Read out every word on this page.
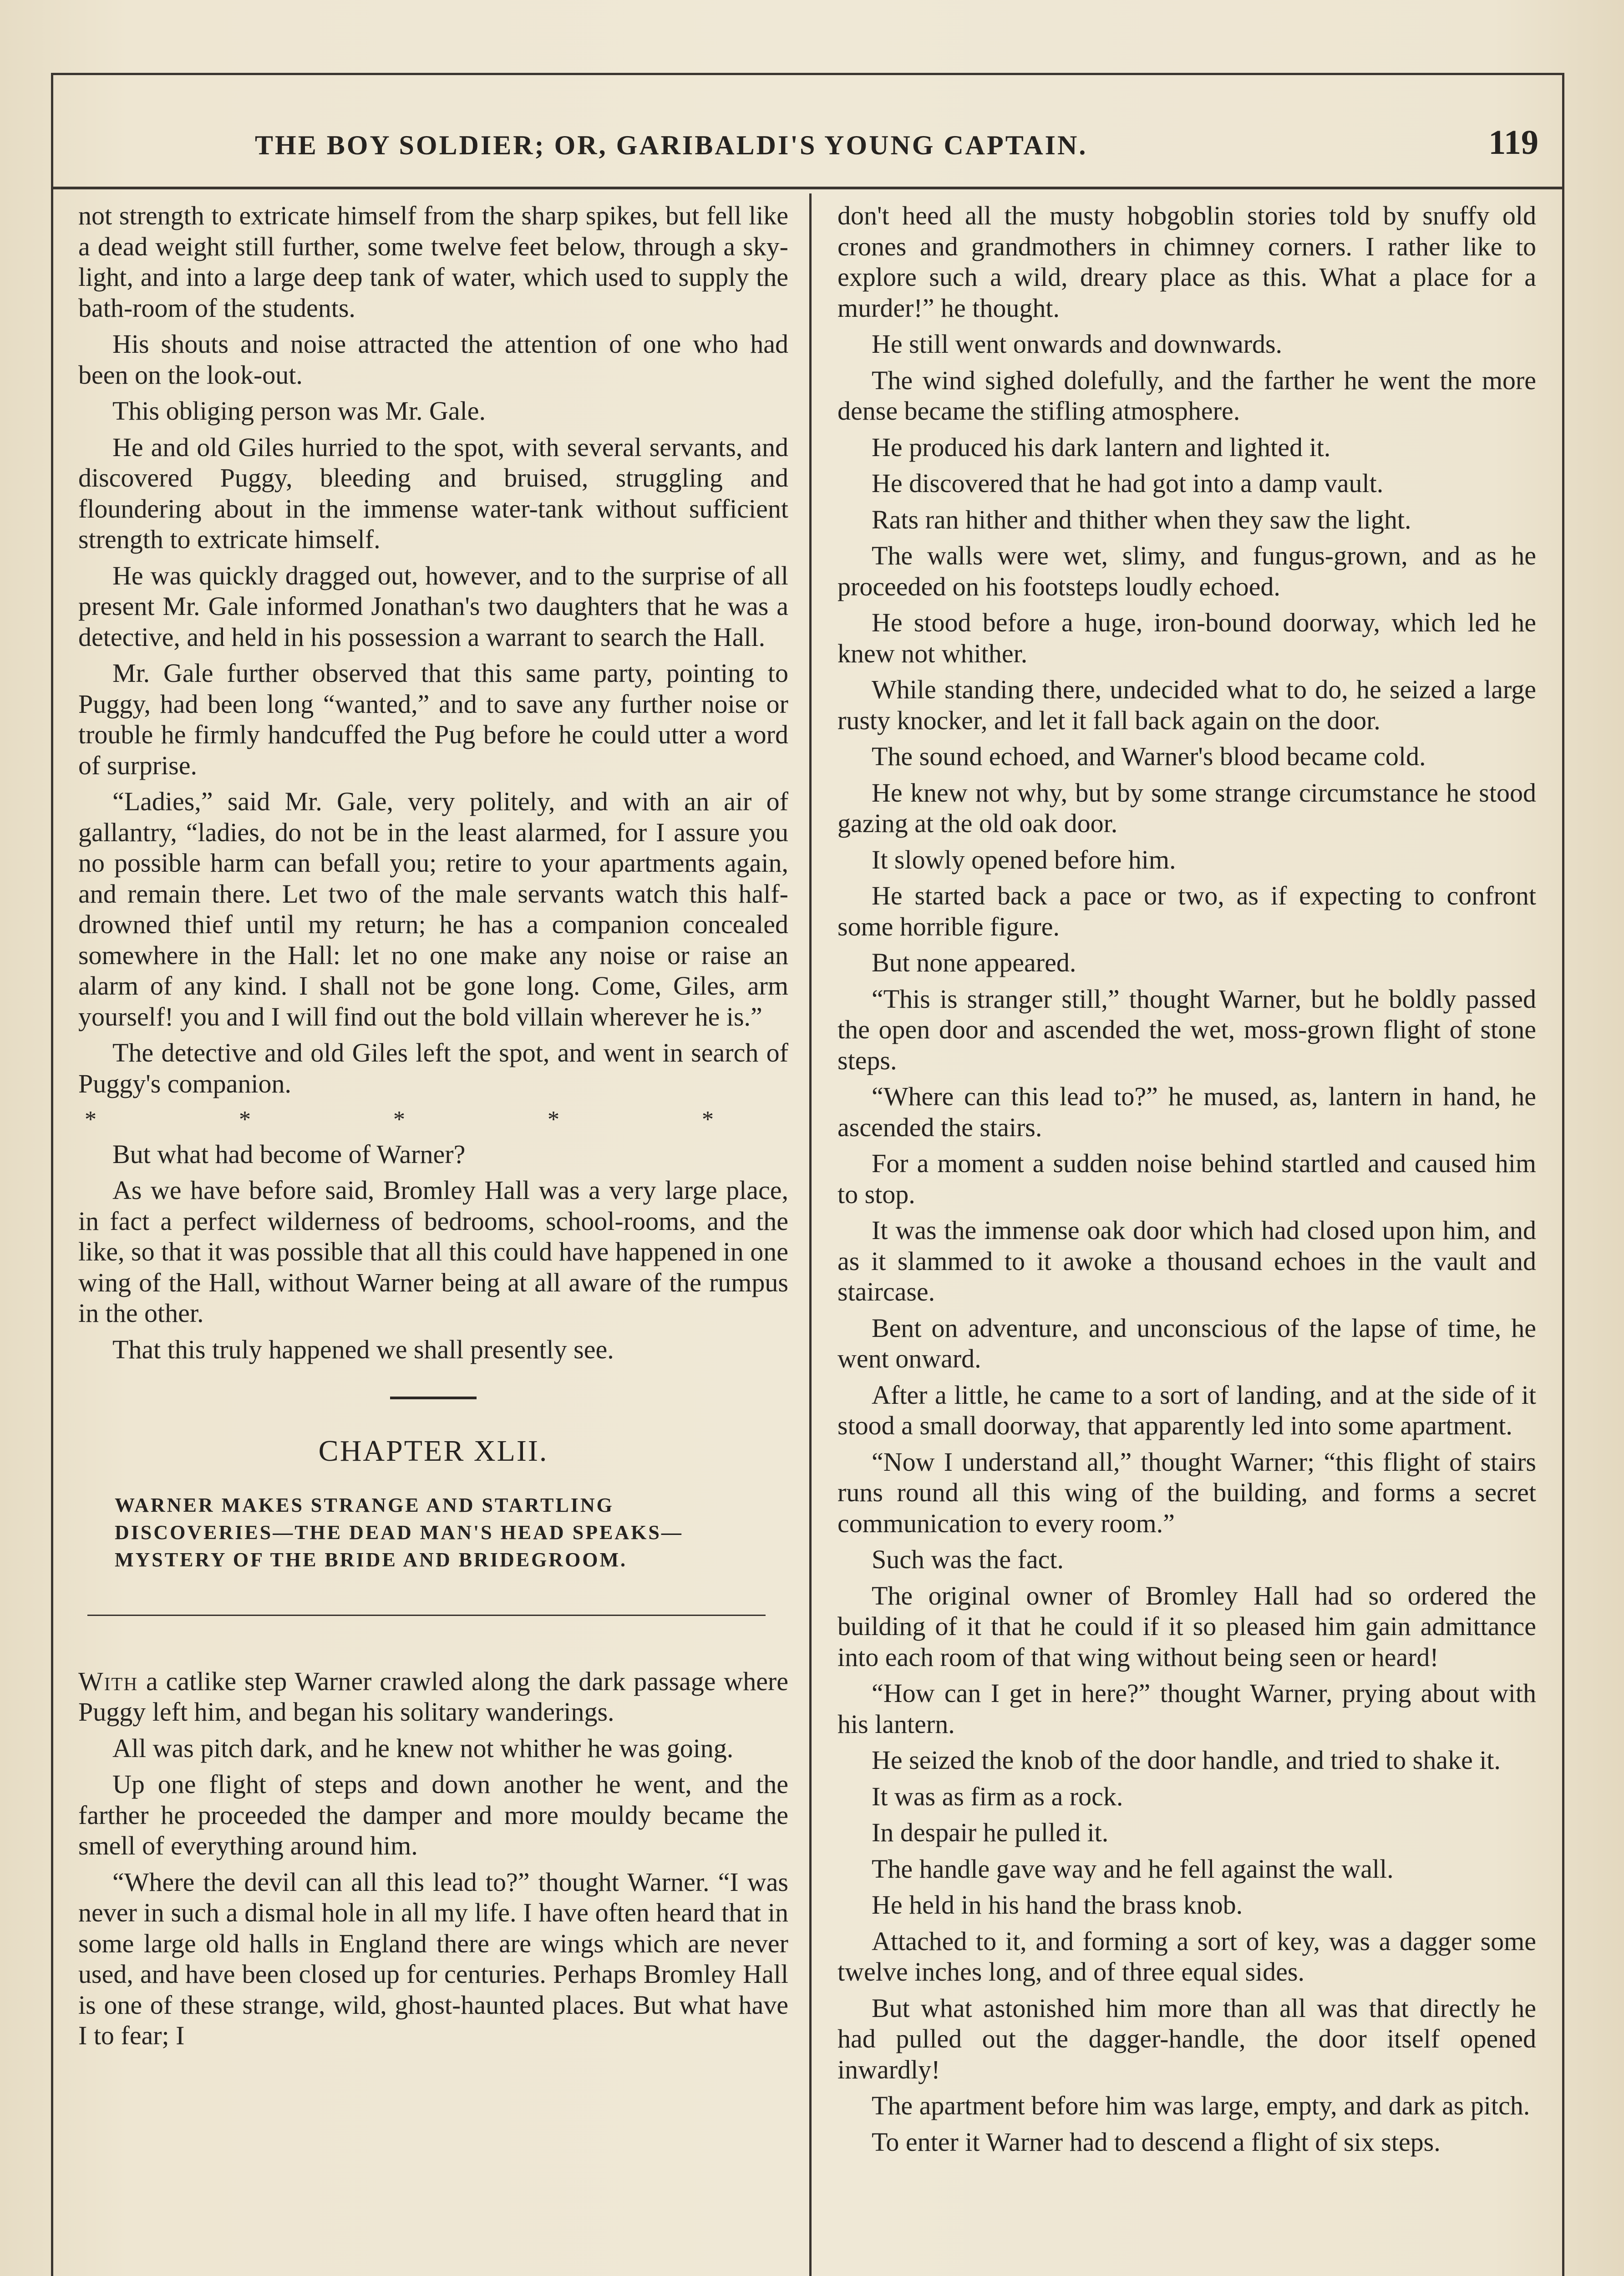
THE BOY SOLDIER; OR, GARIBALDI'S YOUNG CAPTAIN.	119

not strength to extricate himself from the sharp spikes, but fell like a dead weight still further, some twelve feet below, through a sky-light, and into a large deep tank of water, which used to supply the bath-room of the students.

His shouts and noise attracted the attention of one who had been on the look-out.

This obliging person was Mr. Gale.

He and old Giles hurried to the spot, with several servants, and discovered Puggy, bleeding and bruised, struggling and floundering about in the immense water-tank without sufficient strength to extricate himself.

He was quickly dragged out, however, and to the surprise of all present Mr. Gale informed Jonathan's two daughters that he was a detective, and held in his possession a warrant to search the Hall.

Mr. Gale further observed that this same party, pointing to Puggy, had been long “wanted,” and to save any further noise or trouble he firmly handcuffed the Pug before he could utter a word of surprise.

“Ladies,” said Mr. Gale, very politely, and with an air of gallantry, “ladies, do not be in the least alarmed, for I assure you no possible harm can befall you; retire to your apartments again, and remain there. Let two of the male servants watch this half-drowned thief until my return; he has a companion concealed somewhere in the Hall: let no one make any noise or raise an alarm of any kind. I shall not be gone long. Come, Giles, arm yourself! you and I will find out the bold villain wherever he is.”

The detective and old Giles left the spot, and went in search of Puggy's companion.

* * * * *

But what had become of Warner?

As we have before said, Bromley Hall was a very large place, in fact a perfect wilderness of bedrooms, school-rooms, and the like, so that it was possible that all this could have happened in one wing of the Hall, without Warner being at all aware of the rumpus in the other.

That this truly happened we shall presently see.

CHAPTER XLII.
WARNER MAKES STRANGE AND STARTLING DISCOVERIES—THE DEAD MAN'S HEAD SPEAKS—MYSTERY OF THE BRIDE AND BRIDEGROOM.

With a catlike step Warner crawled along the dark passage where Puggy left him, and began his solitary wanderings.

All was pitch dark, and he knew not whither he was going.

Up one flight of steps and down another he went, and the farther he proceeded the damper and more mouldy became the smell of everything around him.

“Where the devil can all this lead to?” thought Warner. “I was never in such a dismal hole in all my life. I have often heard that in some large old halls in England there are wings which are never used, and have been closed up for centuries. Perhaps Bromley Hall is one of these strange, wild, ghost-haunted places. But what have I to fear; I

don't heed all the musty hobgoblin stories told by snuffy old crones and grandmothers in chimney corners. I rather like to explore such a wild, dreary place as this. What a place for a murder!” he thought.

He still went onwards and downwards.

The wind sighed dolefully, and the farther he went the more dense became the stifling atmosphere.

He produced his dark lantern and lighted it.

He discovered that he had got into a damp vault.

Rats ran hither and thither when they saw the light.

The walls were wet, slimy, and fungus-grown, and as he proceeded on his footsteps loudly echoed.

He stood before a huge, iron-bound doorway, which led he knew not whither.

While standing there, undecided what to do, he seized a large rusty knocker, and let it fall back again on the door.

The sound echoed, and Warner's blood became cold.

He knew not why, but by some strange circumstance he stood gazing at the old oak door.

It slowly opened before him.

He started back a pace or two, as if expecting to confront some horrible figure.

But none appeared.

“This is stranger still,” thought Warner, but he boldly passed the open door and ascended the wet, moss-grown flight of stone steps.

“Where can this lead to?” he mused, as, lantern in hand, he ascended the stairs.

For a moment a sudden noise behind startled and caused him to stop.

It was the immense oak door which had closed upon him, and as it slammed to it awoke a thousand echoes in the vault and staircase.

Bent on adventure, and unconscious of the lapse of time, he went onward.

After a little, he came to a sort of landing, and at the side of it stood a small doorway, that apparently led into some apartment.

“Now I understand all,” thought Warner; “this flight of stairs runs round all this wing of the building, and forms a secret communication to every room.”

Such was the fact.

The original owner of Bromley Hall had so ordered the building of it that he could if it so pleased him gain admittance into each room of that wing without being seen or heard!

“How can I get in here?” thought Warner, prying about with his lantern.

He seized the knob of the door handle, and tried to shake it.

It was as firm as a rock.

In despair he pulled it.

The handle gave way and he fell against the wall.

He held in his hand the brass knob.

Attached to it, and forming a sort of key, was a dagger some twelve inches long, and of three equal sides.

But what astonished him more than all was that directly he had pulled out the dagger-handle, the door itself opened inwardly!

The apartment before him was large, empty, and dark as pitch.

To enter it Warner had to descend a flight of six steps.
